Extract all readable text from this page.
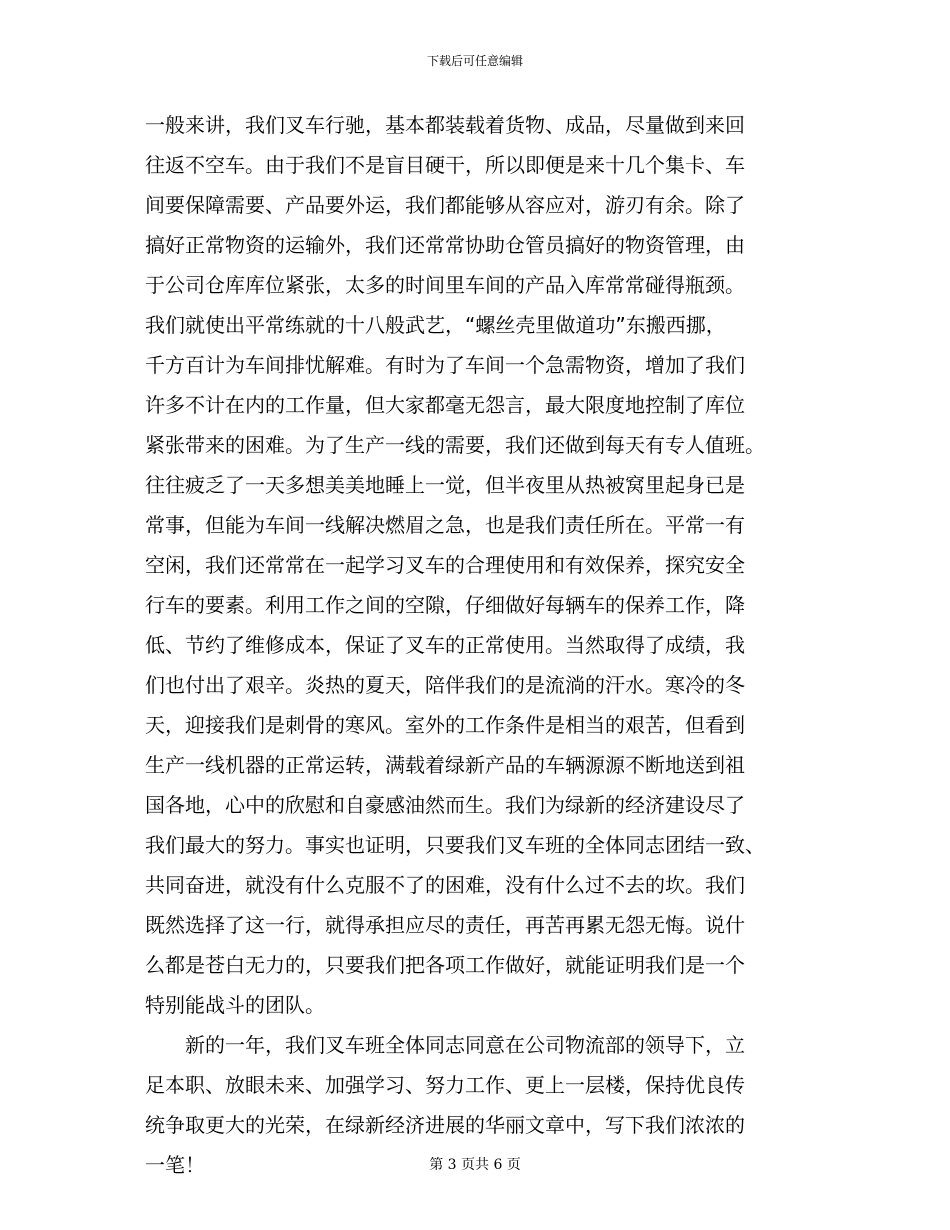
下载后可任意编辑
一般来讲，我们叉车行驰，基本都装载着货物、成品，尽量做到来回
往返不空车。由于我们不是盲目硬干，所以即便是来十几个集卡、车
间要保障需要、产品要外运，我们都能够从容应对，游刃有余。除了
搞好正常物资的运输外，我们还常常协助仓管员搞好的物资管理，由
于公司仓库库位紧张，太多的时间里车间的产品入库常常碰得瓶颈。
我们就使出平常练就的十八般武艺，“螺丝壳里做道功”东搬西挪，
千方百计为车间排忧解难。有时为了车间一个急需物资，增加了我们
许多不计在内的工作量，但大家都毫无怨言，最大限度地控制了库位
紧张带来的困难。为了生产一线的需要，我们还做到每天有专人值班。
往往疲乏了一天多想美美地睡上一觉，但半夜里从热被窝里起身已是
常事，但能为车间一线解决燃眉之急，也是我们责任所在。平常一有
空闲，我们还常常在一起学习叉车的合理使用和有效保养，探究安全
行车的要素。利用工作之间的空隙，仔细做好每辆车的保养工作，降
低、节约了维修成本，保证了叉车的正常使用。当然取得了成绩，我
们也付出了艰辛。炎热的夏天，陪伴我们的是流淌的汗水。寒冷的冬
天，迎接我们是刺骨的寒风。室外的工作条件是相当的艰苦，但看到
生产一线机器的正常运转，满载着绿新产品的车辆源源不断地送到祖
国各地，心中的欣慰和自豪感油然而生。我们为绿新的经济建设尽了
我们最大的努力。事实也证明，只要我们叉车班的全体同志团结一致、
共同奋进，就没有什么克服不了的困难，没有什么过不去的坎。我们
既然选择了这一行，就得承担应尽的责任，再苦再累无怨无悔。说什
么都是苍白无力的，只要我们把各项工作做好，就能证明我们是一个
特别能战斗的团队。
新的一年，我们叉车班全体同志同意在公司物流部的领导下，立
足本职、放眼未来、加强学习、努力工作、更上一层楼，保持优良传
统争取更大的光荣，在绿新经济进展的华丽文章中，写下我们浓浓的
一笔！	第 3 页共 6 页
